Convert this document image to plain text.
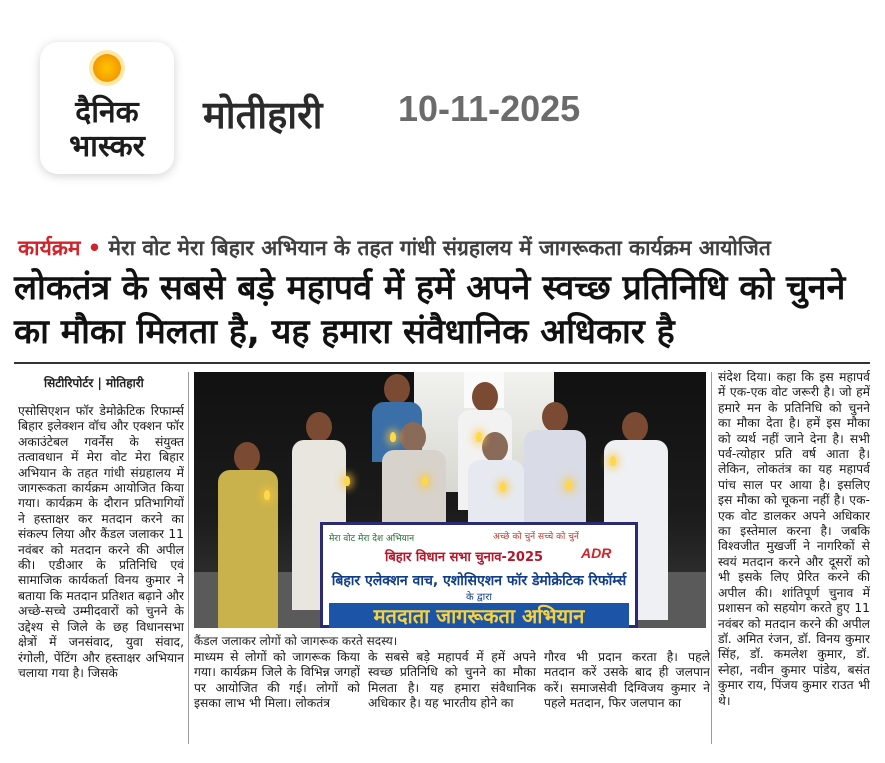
दैनिक
भास्कर
मोतीहारी 10-11-2025
कार्यक्रम • मेरा वोट मेरा बिहार अभियान के तहत गांधी संग्रहालय में जागरूकता कार्यक्रम आयोजित
लोकतंत्र के सबसे बड़े महापर्व में हमें अपने स्वच्छ प्रतिनिधि को चुनने का मौका मिलता है, यह हमारा संवैधानिक अधिकार है
सिटीरिपोर्टर | मोतिहारी
एसोसिएशन फॉर डेमोक्रेटिक रिफार्म्स बिहार इलेक्शन वॉच और एक्शन फॉर अकाउंटेबल गवर्नेंस के संयुक्त तत्वावधान में मेरा वोट मेरा बिहार अभियान के तहत गांधी संग्रहालय में जागरूकता कार्यक्रम आयोजित किया गया। कार्यक्रम के दौरान प्रतिभागियों ने हस्ताक्षर कर मतदान करने का संकल्प लिया और कैंडल जलाकर 11 नवंबर को मतदान करने की अपील की। एडीआर के प्रतिनिधि एवं सामाजिक कार्यकर्ता विनय कुमार ने बताया कि मतदान प्रतिशत बढ़ाने और अच्छे-सच्चे उम्मीदवारों को चुनने के उद्देश्य से जिले के छह विधानसभा क्षेत्रों में जनसंवाद, युवा संवाद, रंगोली, पेंटिंग और हस्ताक्षर अभियान चलाया गया है। जिसके
मेरा वोट मेरा देश अभियान	अच्छे को चुनें सच्चे को चुनें
बिहार विधान सभा चुनाव-2025	ADR
बिहार एलेक्शन वाच, एशोसिएशन फॉर डेमोक्रेटिक रिफॉर्म्स
के द्वारा
मतदाता जागरूकता अभियान
कैंडल जलाकर लोगों को जागरूक करते सदस्य।
माध्यम से लोगों को जागरूक किया गया। कार्यक्रम जिले के विभिन्न जगहों पर आयोजित की गई। लोगों को इसका लाभ भी मिला। लोकतंत्र
के सबसे बड़े महापर्व में हमें अपने स्वच्छ प्रतिनिधि को चुनने का मौका मिलता है। यह हमारा संवैधानिक अधिकार है। यह भारतीय होने का
गौरव भी प्रदान करता है। पहले मतदान करें उसके बाद ही जलपान करें। समाजसेवी दिग्विजय कुमार ने पहले मतदान, फिर जलपान का
संदेश दिया। कहा कि इस महापर्व में एक-एक वोट जरूरी है। जो हमें हमारे मन के प्रतिनिधि को चुनने का मौका देता है। हमें इस मौका को व्यर्थ नहीं जाने देना है। सभी पर्व-त्योहार प्रति वर्ष आता है। लेकिन, लोकतंत्र का यह महापर्व पांच साल पर आया है। इसलिए इस मौका को चूकना नहीं है। एक-एक वोट डालकर अपने अधिकार का इस्तेमाल करना है। जबकि विश्वजीत मुखर्जी ने नागरिकों से स्वयं मतदान करने और दूसरों को भी इसके लिए प्रेरित करने की अपील की। शांतिपूर्ण चुनाव में प्रशासन को सहयोग करते हुए 11 नवंबर को मतदान करने की अपील डॉ. अमित रंजन, डॉ. विनय कुमार सिंह, डॉ. कमलेश कुमार, डॉ. स्नेहा, नवीन कुमार पांडेय, बसंत कुमार राय, पिंजय कुमार राउत भी थे।
